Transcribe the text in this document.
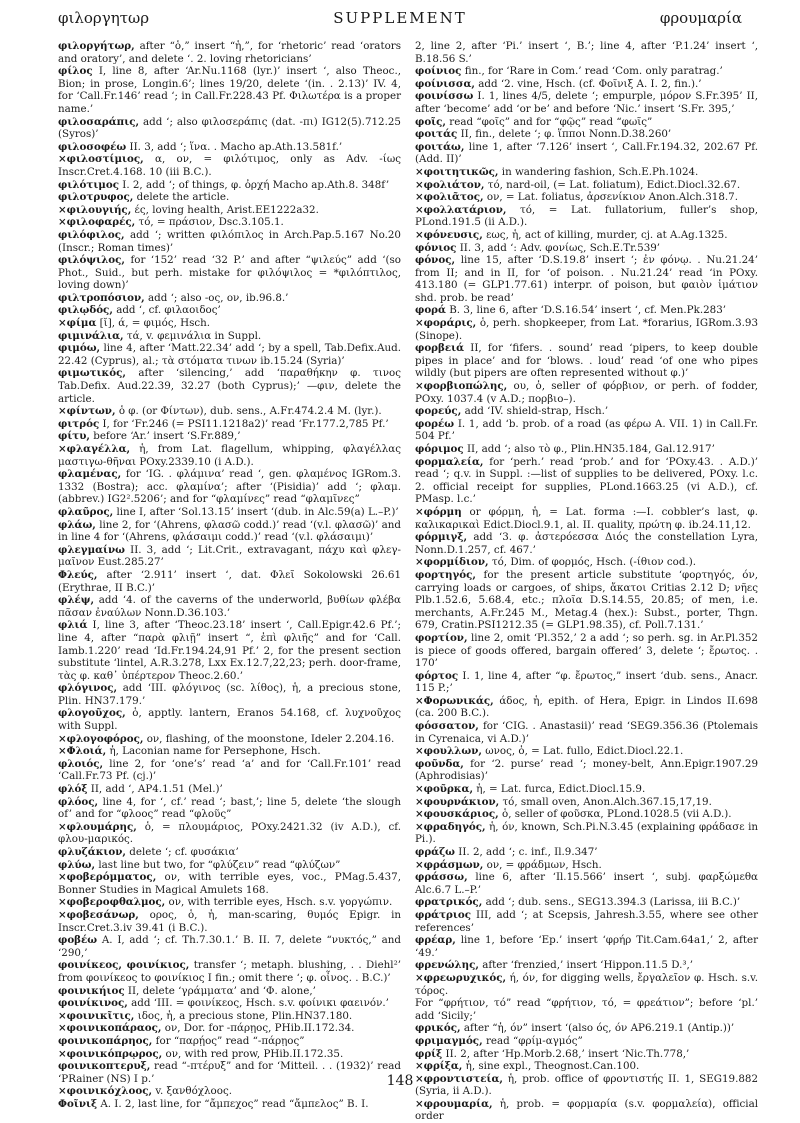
φιλοργητωρ	SUPPLEMENT	φρουμαρία

φιλοργήτωρ, after “ὁ,” insert “ἡ,”, for ‘rhetoric’ read ‘orators and oratory’, and delete ‘. 2. loving rhetoricians’

φίλος I, line 8, after ‘Ar.Nu.1168 (lyr.)’ insert ‘, also Theoc., Bion; in prose, Longin.6’; lines 19/20, delete ‘(in. . 2.13)’ IV. 4, for ‘Call.Fr.146’ read ‘; in Call.Fr.228.43 Pf. Φιλωτέρα is a proper name.’

φιλοσαράπις, add ‘; also φιλοσεράπις (dat. -πι) IG12(5).712.25 (Syros)’

φιλοσοφέω II. 3, add ‘; ἵνα. . Macho ap.Ath.13.581f.’

×φιλοστίμιος, α, ον, = φιλότιμος, only as Adv. -ίως Inscr.Cret.4.168. 10 (iii B.C.).

φιλότιμος I. 2, add ‘; of things, φ. ὀρχή Macho ap.Ath.8. 348f’

φιλοτρυφος, delete the article.

×φιλουγιής, ές, loving health, Arist.EE1222a32.

×φιλοφαρές, τό, = πράσιον, Dsc.3.105.1.

φιλόφιλος, add ‘; written φιλόπιλος in Arch.Pap.5.167 No.20 (Inscr.; Roman times)’

φιλόψιλος, for ‘152’ read ‘32 P.’ and after “ψιλεύς” add ‘(so Phot., Suid., but perh. mistake for φιλόψιλος = *φιλόπτιλος, loving down)’

φιλτροπόσιον, add ‘; also -ος, ον, ib.96.8.’

φιλῳδός, add ‘, cf. φιλαοιδος’

×φίμα [ῐ], ά, = φιμός, Hsch.

φιμινάλια, τά, v. φεμινάλια in Suppl.

φιμόω, line 4, after ‘Matt.22.34’ add ‘; by a spell, Tab.Defix.Aud. 22.42 (Cyprus), al.; τὰ στόματα τινων ib.15.24 (Syria)’

φιμωτικός, after ‘silencing,’ add ‘παραθήκην φ. τινος Tab.Defix. Aud.22.39, 32.27 (both Cyprus);’ —φιν, delete the article.

×φίντων, ὁ φ. (or Φίντων), dub. sens., A.Fr.474.2.4 M. (lyr.).

φιτρός I, for ‘Fr.246 (= PSI11.1218a2)’ read ‘Fr.177.2,785 Pf.’

φίτυ, before ‘Ar.’ insert ‘S.Fr.889,’

×φλαγέλλα, ἡ, from Lat. flagellum, whipping, φλαγέλλας μαστιγω-θῆναι POxy.2339.10 (i A.D.).

φλαμένας, for ‘IG. . φλάμινα’ read ‘, gen. φλαμένος IGRom.3. 1332 (Bostra); acc. φλαμίνα’; after ‘(Pisidia)’ add ‘; φλαμ. (abbrev.) IG2².5206’; and for “φλαμίνες” read “φλαμῖνες”

φλαῦρος, line I, after ‘Sol.13.15’ insert ‘(dub. in Alc.59(a) L.–P.)’

φλάω, line 2, for ‘(Ahrens, φλασῶ codd.)’ read ‘(v.l. φλασῶ)’ and in line 4 for ‘(Ahrens, φλάσαιμι codd.)’ read ‘(v.l. φλάσαιμι)’

φλεγμαίνω II. 3, add ‘; Lit.Crit., extravagant, πάχυ καὶ φλεγ-μαῖνον Eust.285.27’

Φλεύς, after ‘2.911’ insert ‘, dat. Φλεῖ Sokolowski 26.61 (Erythrae, II B.C.)’

φλέψ, add ‘4. of the caverns of the underworld, βυθίων φλέβα πᾶσαν ἐναύλων Nonn.D.36.103.’

φλιά I, line 3, after ‘Theoc.23.18’ insert ‘, Call.Epigr.42.6 Pf.’; line 4, after “παρὰ φλιῇ” insert “, ἐπὶ φλιῆς” and for ‘Call. Iamb.1.220’ read ‘Id.Fr.194.24,91 Pf.’ 2, for the present section substitute ‘lintel, A.R.3.278, Lxx Ex.12.7,22,23; perh. door-frame, τὰς φ. καθ᾽ ὑπέρτερον Theoc.2.60.’

φλόγινος, add ‘III. φλόγινος (sc. λίθος), ἡ, a precious stone, Plin. HN37.179.’

φλογοῦχος, ὁ, apptly. lantern, Eranos 54.168, cf. λυχνοῦχος with Suppl.

×φλογοφόρος, ον, flashing, of the moonstone, Ideler 2.204.16.

×Φλοιά, ἡ, Laconian name for Persephone, Hsch.

φλοιός, line 2, for ‘one’s’ read ‘a’ and for ‘Call.Fr.101’ read ‘Call.Fr.73 Pf. (cj.)’

φλόξ II, add ‘, AP4.1.51 (Mel.)’

φλόος, line 4, for ‘, cf.’ read ‘; bast,’; line 5, delete ‘the slough of’ and for “φλοος” read “φλοῦς”

×φλουμάρης, ὁ, = πλουμάριος, POxy.2421.32 (iv A.D.), cf. φλου-μαρικός.

φλυζάκιον, delete ‘; cf. φυσάκια’

φλύω, last line but two, for “φλύζειν” read “φλύζων”

×φοβερόμματος, ον, with terrible eyes, voc., PMag.5.437, Bonner Studies in Magical Amulets 168.

×φοβεροφθαλμος, ον, with terrible eyes, Hsch. s.v. γοργώπιν.

×φοβεσάνωρ, ορος, ὁ, ἡ, man-scaring, θυμός Epigr. in Inscr.Cret.3.iv 39.41 (i B.C.).

φοβέω A. I, add ‘; cf. Th.7.30.1.’ B. II. 7, delete “νυκτός,” and ‘290,’

φοινίκεος, φοινίκιος, transfer ‘; metaph. blushing, . . Diehl²’ from φοινίκεος to φοινίκιος I fin.; omit there ‘; φ. οἶνος. . B.C.)’

φοινικήιος II, delete ‘γράμματα’ and ‘Φ. alone,’

φοινίκινος, add ‘III. = φοινίκεος, Hsch. s.v. φοίνικι φαεινόν.’

×φοινικῖτις, ιδος, ἡ, a precious stone, Plin.HN37.180.

×φοινικοπάραος, ον, Dor. for -πάρῃος, PHib.II.172.34.

φοινικοπάρηος, for “παρῄος” read “-πάρῃος”

×φοινικόπρῳρος, ον, with red prow, PHib.II.172.35.

φοινικοπτερυξ, read “-πτέρυξ” and for ‘Mitteil. . . (1932)’ read ‘PRainer (NS) I p.’

×φοινικόχλοος, v. ξανθόχλοος.

Φοῖνιξ A. I. 2, last line, for “ἄμπεχος” read “ἄμπελος” B. I.

2, line 2, after ‘Pi.’ insert ‘, B.’; line 4, after ‘P.1.24’ insert ‘, B.18.56 S.’

φοίνιος fin., for ‘Rare in Com.’ read ‘Com. only paratrag.’

φοίνισσα, add ‘2. vine, Hsch. (cf. Φοῖνιξ A. I. 2, fin.).’

φοινίσσω I. 1, lines 4/5, delete ‘; empurple, μόρον S.Fr.395’ II, after ‘become’ add ‘or be’ and before ‘Nic.’ insert ‘S.Fr. 395,’

φοῖς, read “φοῖς” and for “φῷς” read “φωῖς”

φοιτάς II, fin., delete ‘; φ. ἵπποι Nonn.D.38.260’

φοιτάω, line 1, after ‘7.126’ insert ‘, Call.Fr.194.32, 202.67 Pf. (Add. II)’

×φοιτητικῶς, in wandering fashion, Sch.E.Ph.1024.

×φολιάτον, τό, nard-oil, (= Lat. foliatum), Edict.Diocl.32.67.

×φολιᾶτος, ον, = Lat. foliatus, ἀρσενίκιον Anon.Alch.318.7.

×φολλατάριον, τό, = Lat. fullatorium, fuller’s shop, PLond.191.5 (ii A.D.).

×φόνευσις, εως, ἡ, act of killing, murder, cj. at A.Ag.1325.

φόνιος II. 3, add ‘: Adv. φονίως, Sch.E.Tr.539’

φόνος, line 15, after ‘D.S.19.8’ insert ‘; ἐν φόνῳ. . Nu.21.24’ from II; and in II, for ‘of poison. . Nu.21.24’ read ‘in POxy. 413.180 (= GLP1.77.61) interpr. of poison, but φαιὸν ἱμάτιον shd. prob. be read’

φορά B. 3, line 6, after ‘D.S.16.54’ insert ‘, cf. Men.Pk.283’

×φοράρις, ὁ, perh. shopkeeper, from Lat. *forarius, IGRom.3.93 (Sinope).

φορβειά II, for ‘fifers. . sound’ read ‘pipers, to keep double pipes in place’ and for ‘blows. . loud’ read ‘of one who pipes wildly (but pipers are often represented without φ.)’

×φορβιοπώλης, ου, ὁ, seller of φόρβιον, or perh. of fodder, POxy. 1037.4 (v A.D.; πορβιο–).

φορεύς, add ‘IV. shield-strap, Hsch.’

φορέω I. 1, add ‘b. prob. of a road (as φέρω A. VII. 1) in Call.Fr. 504 Pf.’

φόριμος II, add ‘; also τὸ φ., Plin.HN35.184, Gal.12.917’

φορμαλεία, for ‘perh.’ read ‘prob.’ and for ‘POxy.43. . A.D.)’ read ‘; q.v. in Suppl. :—list of supplies to be delivered, POxy. l.c. 2. official receipt for supplies, PLond.1663.25 (vi A.D.), cf. PMasp. l.c.’

×φόρμη or φόρμη, ἡ, = Lat. forma :—I. cobbler’s last, φ. καλικαρικαὶ Edict.Diocl.9.1, al. II. quality, πρώτη φ. ib.24.11,12.

φόρμιγξ, add ‘3. φ. ἀστερόεσσα Διός the constellation Lyra, Nonn.D.1.257, cf. 467.’

×φορμίδιον, τό, Dim. of φορμός, Hsch. (-ίθιον cod.).

φορτηγός, for the present article substitute ‘φορτηγός, όν, carrying loads or cargoes, of ships, ἄκατοι Critias 2.12 D; νῆες Plb.1.52.6, 5.68.4, etc.; πλοῖα D.S.14.55, 20.85; of men, i.e. merchants, A.Fr.245 M., Metag.4 (hex.): Subst., porter, Thgn. 679, Cratin.PSI1212.35 (= GLP1.98.35), cf. Poll.7.131.’

φορτίον, line 2, omit ‘Pl.352,’ 2 a add ‘; so perh. sg. in Ar.Pl.352 is piece of goods offered, bargain offered’ 3, delete ‘; ἔρωτος. . 170’

φόρτος I. 1, line 4, after “φ. ἔρωτος,” insert ‘dub. sens., Anacr. 115 P.;’

×Φορωνικάς, άδος, ἡ, epith. of Hera, Epigr. in Lindos II.698 (ca. 200 B.C.).

φόσσατον, for ‘CIG. . Anastasii)’ read ‘SEG9.356.36 (Ptolemais in Cyrenaica, vi A.D.)’

×φουλλων, ωνος, ὁ, = Lat. fullo, Edict.Diocl.22.1.

φοῦνδα, for ‘2. purse’ read ‘; money-belt, Ann.Epigr.1907.29 (Aphrodisias)’

×φοῦρκα, ἡ, = Lat. furca, Edict.Diocl.15.9.

×φουρνάκιον, τό, small oven, Anon.Alch.367.15,17,19.

×φουσκάριος, ὁ, seller of φοῦσκα, PLond.1028.5 (vii A.D.).

×φραδηγός, ἡ, όν, known, Sch.Pi.N.3.45 (explaining φράδασε in Pi.).

φράζω II. 2, add ‘; c. inf., Il.9.347’

×φράσμων, ον, = φράδμων, Hsch.

φράσσω, line 6, after ‘Il.15.566’ insert ‘, subj. φαρξώμεθα Alc.6.7 L.–P.’

φρατρικός, add ‘; dub. sens., SEG13.394.3 (Larissa, iii B.C.)’

φράτριος III, add ‘; at Scepsis, Jahresh.3.55, where see other references’

φρέαρ, line 1, before ‘Ep.’ insert ‘φρήρ Tit.Cam.64a1,’ 2, after ‘49.’

φρενώλης, after ‘frenzied,’ insert ‘Hippon.11.5 D.³,’

×φρεωρυχικός, ή, όν, for digging wells, ἔργαλεῖον φ. Hsch. s.v. τόρος.

For “φρήτιον, τό” read “φρήτιον, τό, = φρεάτιον”; before ‘pl.’ add ‘Sicily;’

φρικός, after “ἡ, όν” insert ‘(also ός, όν AP6.219.1 (Antip.))’

φριμαγμός, read “φρίμ-αγμός”

φρίξ II. 2, after ‘Hp.Morb.2.68,’ insert ‘Nic.Th.778,’

×φρίξα, ἡ, sine expl., Theognost.Can.100.

×φροντιστεία, ἡ, prob. office of φροντιστής II. 1, SEG19.882 (Syria, ii A.D.).

×φρουμαρία, ἡ, prob. = φορμαρία (s.v. φορμαλεία), official order

148
